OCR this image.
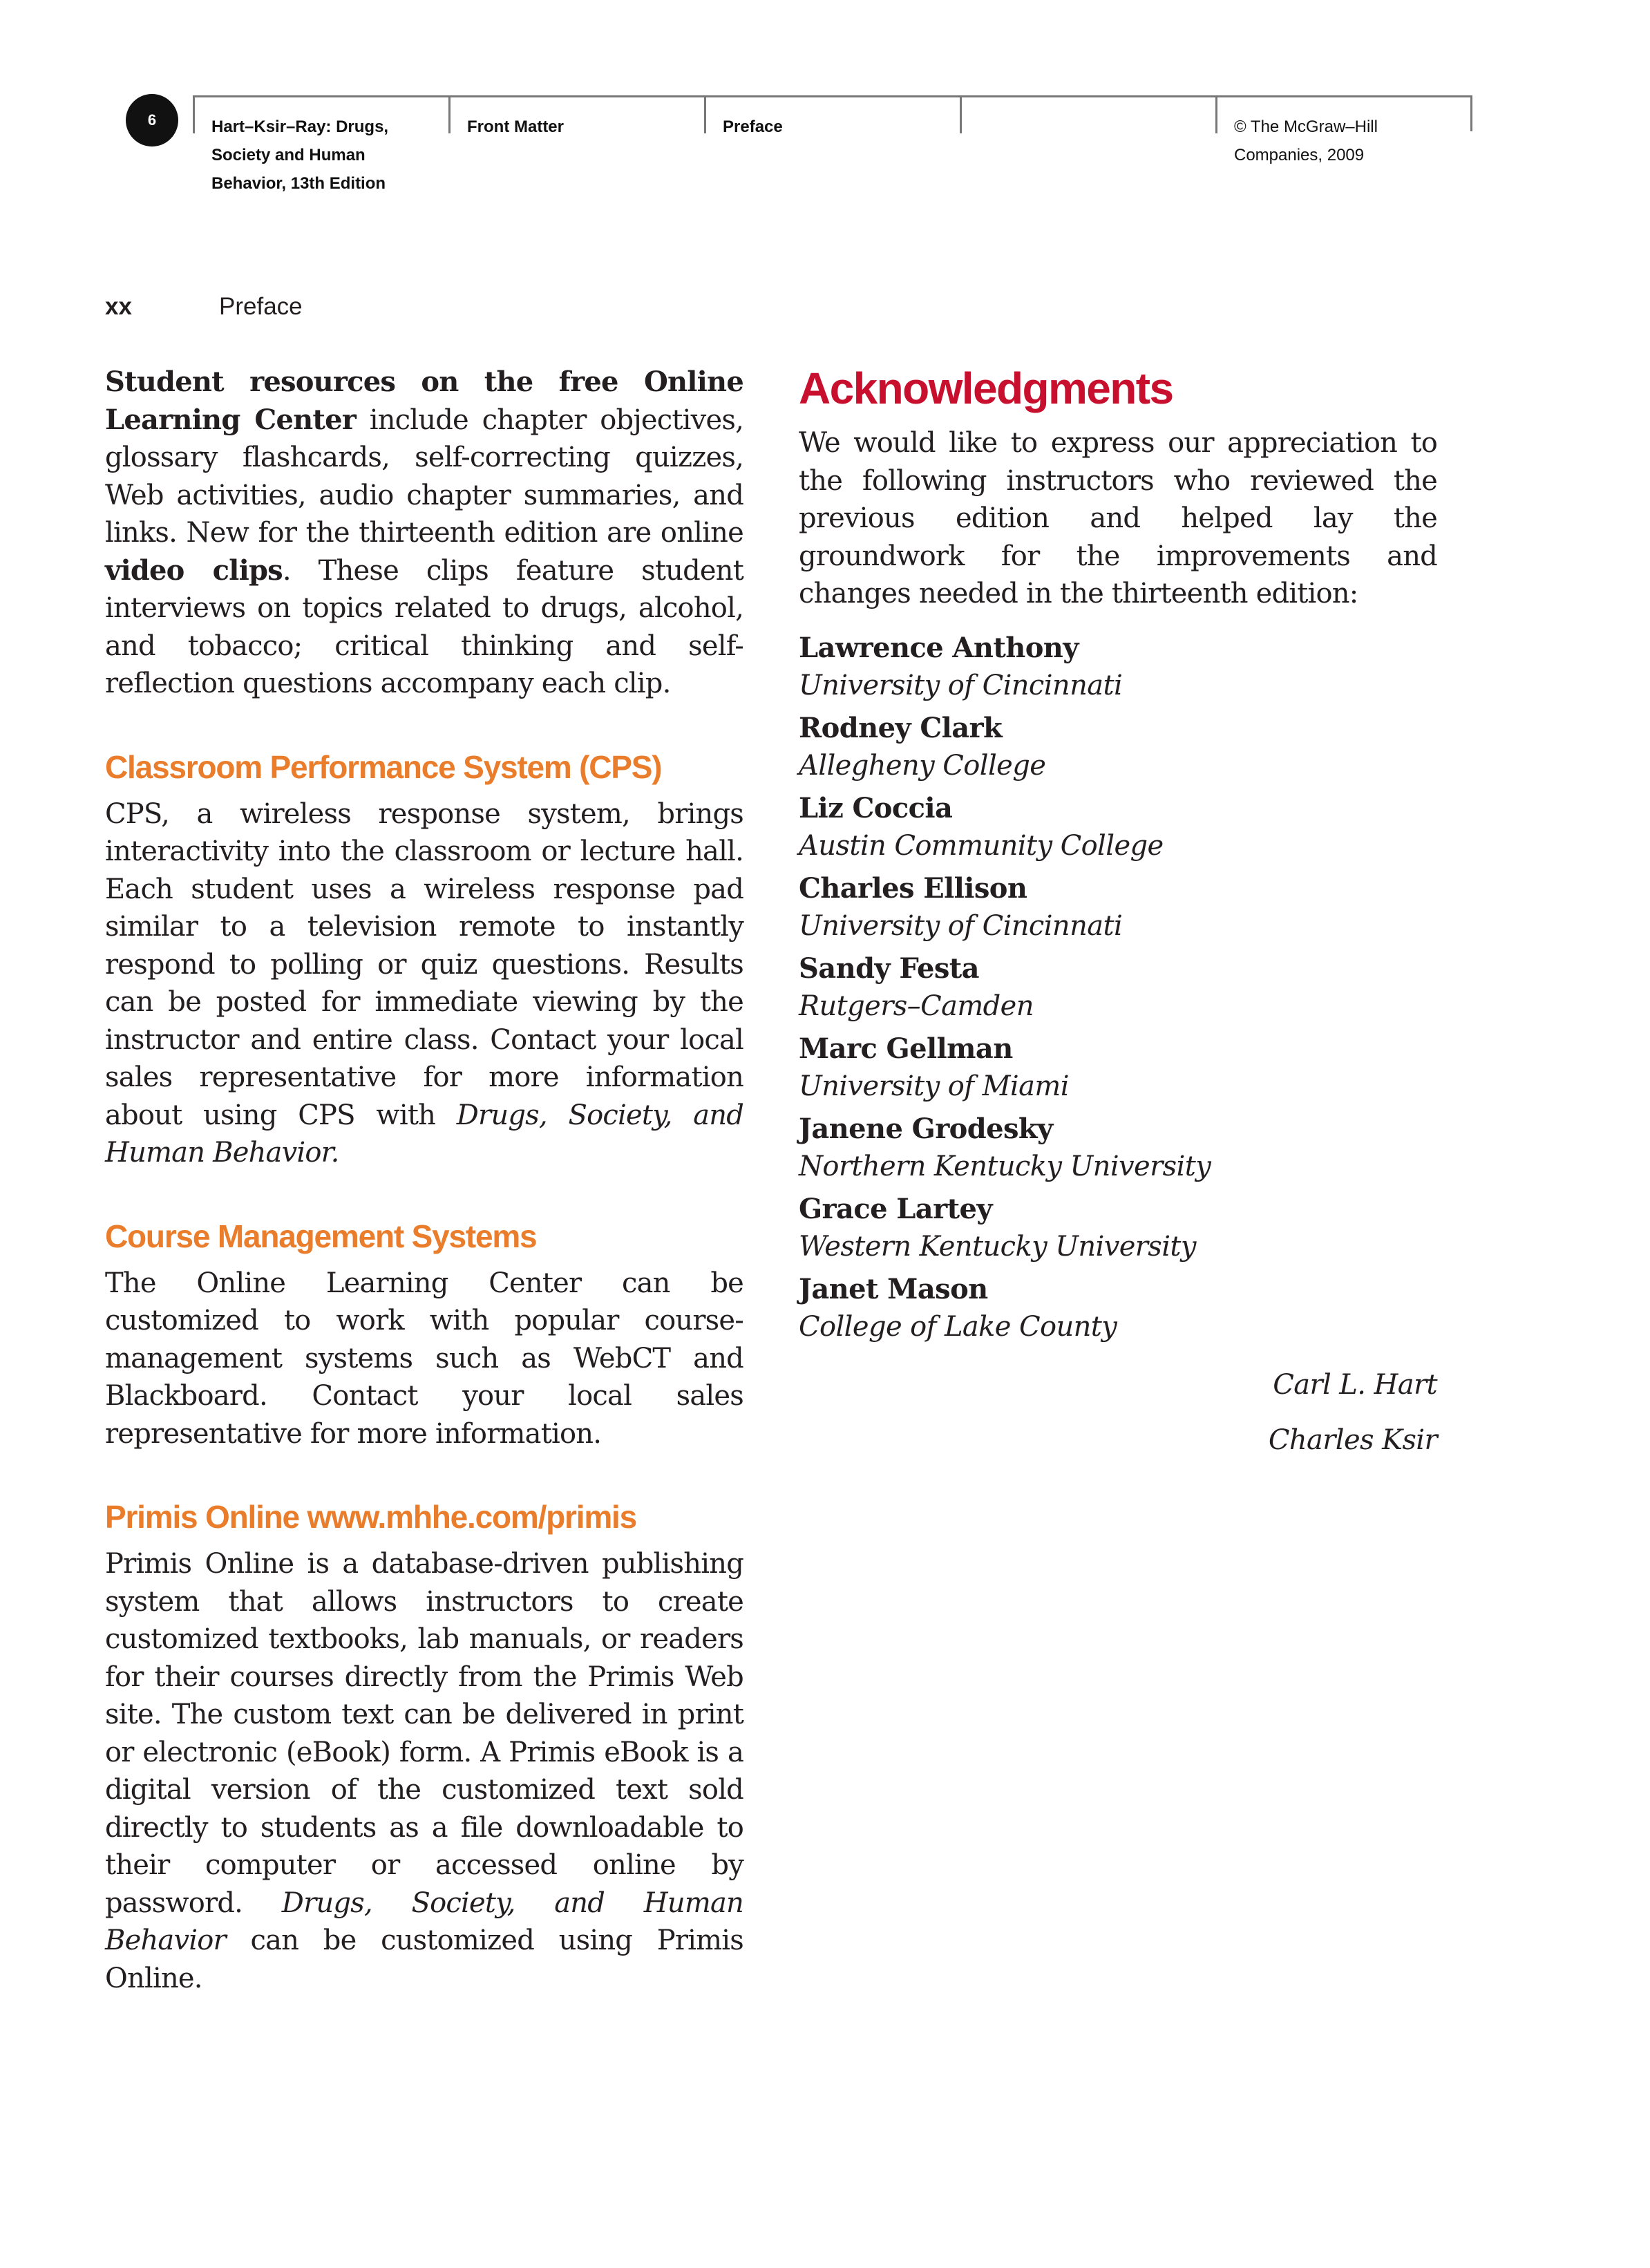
6	Hart–Ksir–Ray: Drugs,
Society and Human
Behavior, 13th Edition
Front Matter	Preface	© The McGraw–Hill
Companies, 2009
xx	Preface

Student resources on the free Online Learning Center include chapter objectives, glossary flashcards, self-correcting quizzes, Web activities, audio chapter summaries, and links. New for the thirteenth edition are online video clips. These clips feature student interviews on topics related to drugs, alcohol, and tobacco; critical thinking and self-reflection questions accompany each clip.

Classroom Performance System (CPS)

CPS, a wireless response system, brings interactivity into the classroom or lecture hall. Each student uses a wireless response pad similar to a television remote to instantly respond to polling or quiz questions. Results can be posted for immediate viewing by the instructor and entire class. Contact your local sales representative for more information about using CPS with Drugs, Society, and Human Behavior.

Course Management Systems

The Online Learning Center can be customized to work with popular course-management systems such as WebCT and Blackboard. Contact your local sales representative for more information.

Primis Online www.mhhe.com/primis

Primis Online is a database-driven publishing system that allows instructors to create customized textbooks, lab manuals, or readers for their courses directly from the Primis Web site. The custom text can be delivered in print or electronic (eBook) form. A Primis eBook is a digital version of the customized text sold directly to students as a file downloadable to their computer or accessed online by password. Drugs, Society, and Human Behavior can be customized using Primis Online.

Acknowledgments

We would like to express our appreciation to the following instructors who reviewed the previous edition and helped lay the groundwork for the improvements and changes needed in the thirteenth edition:

Lawrence Anthony
University of Cincinnati
Rodney Clark
Allegheny College
Liz Coccia
Austin Community College
Charles Ellison
University of Cincinnati
Sandy Festa
Rutgers–Camden
Marc Gellman
University of Miami
Janene Grodesky
Northern Kentucky University
Grace Lartey
Western Kentucky University
Janet Mason
College of Lake County

Carl L. Hart

Charles Ksir
